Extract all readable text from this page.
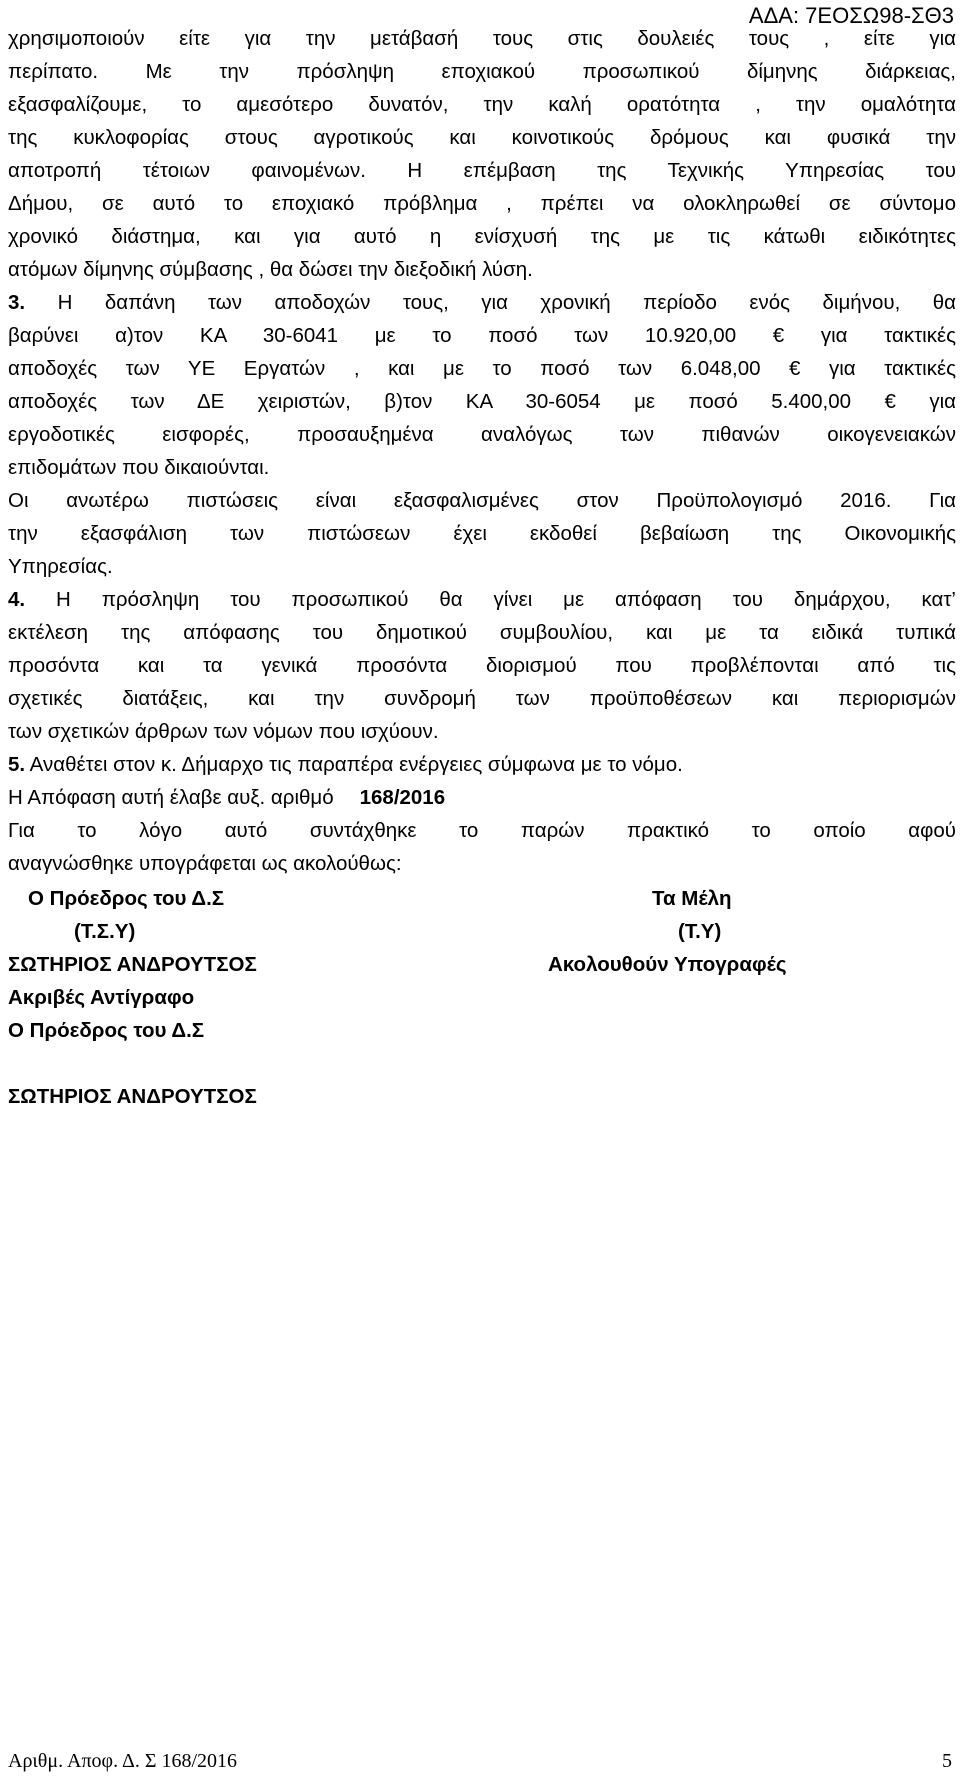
ΑΔΑ: 7ΕΟΣΩ98-ΣΘ3
χρησιμοποιούν είτε για την μετάβασή τους στις δουλειές τους , είτε για
περίπατο. Με την πρόσληψη εποχιακού προσωπικού δίμηνης διάρκειας,
εξασφαλίζουμε, το αμεσότερο δυνατόν, την καλή ορατότητα , την ομαλότητα
της κυκλοφορίας στους αγροτικούς και κοινοτικούς δρόμους και φυσικά την
αποτροπή τέτοιων φαινομένων. Η επέμβαση της Τεχνικής Υπηρεσίας του
Δήμου, σε αυτό το εποχιακό πρόβλημα , πρέπει να ολοκληρωθεί σε σύντομο
χρονικό διάστημα, και για αυτό η ενίσχυσή της με τις κάτωθι ειδικότητες
ατόμων δίμηνης σύμβασης , θα δώσει την διεξοδική λύση.
3. Η δαπάνη των αποδοχών τους, για χρονική περίοδο ενός διμήνου, θα
βαρύνει α)τον ΚΑ 30-6041 με το ποσό των 10.920,00 € για τακτικές
αποδοχές των ΥΕ Εργατών , και με το ποσό των 6.048,00 € για τακτικές
αποδοχές των ΔΕ χειριστών, β)τον ΚΑ 30-6054 με ποσό 5.400,00 € για
εργοδοτικές εισφορές, προσαυξημένα αναλόγως των πιθανών οικογενειακών
επιδομάτων που δικαιούνται.
Οι ανωτέρω πιστώσεις είναι εξασφαλισμένες στον Προϋπολογισμό 2016. Για
την εξασφάλιση των πιστώσεων έχει εκδοθεί βεβαίωση της Οικονομικής
Υπηρεσίας.
4. Η πρόσληψη του προσωπικού θα γίνει με απόφαση του δημάρχου, κατ’
εκτέλεση της απόφασης του δημοτικού συμβουλίου, και με τα ειδικά τυπικά
προσόντα και τα γενικά προσόντα διορισμού που προβλέπονται από τις
σχετικές διατάξεις, και την συνδρομή των προϋποθέσεων και περιορισμών
των σχετικών άρθρων των νόμων που ισχύουν.
5. Αναθέτει στον κ. Δήμαρχο τις παραπέρα ενέργειες σύμφωνα με το νόμο.
Η Απόφαση αυτή έλαβε αυξ. αριθμό 168/2016
Για το λόγο αυτό συντάχθηκε το παρών πρακτικό το οποίο αφού
αναγνώσθηκε υπογράφεται ως ακολούθως:
Ο Πρόεδρος του Δ.Σ
(Τ.Σ.Υ)
ΣΩΤΗΡΙΟΣ ΑΝΔΡΟΥΤΣΟΣ
Τα Μέλη
(Τ.Υ)
Ακολουθούν Υπογραφές
Ακριβές Αντίγραφο
Ο Πρόεδρος του Δ.Σ
ΣΩΤΗΡΙΟΣ ΑΝΔΡΟΥΤΣΟΣ
Αριθμ. Αποφ. Δ. Σ 168/2016	5
